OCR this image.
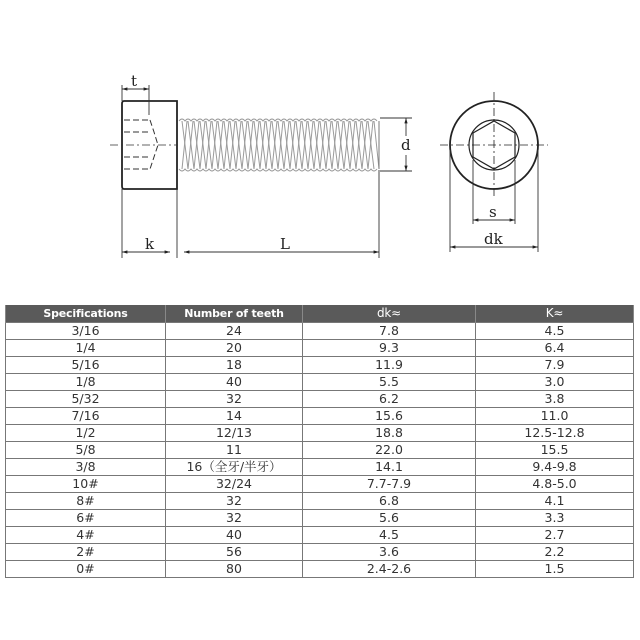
t
k	L
d
s
dk
Specifications	Number of teeth	dk≈	K≈
3/16	24	7.8	4.5
1/4	20	9.3	6.4
5/16	18	11.9	7.9
1/8	40	5.5	3.0
5/32	32	6.2	3.8
7/16	14	15.6	11.0
1/2	12/13	18.8	12.5-12.8
5/8	11	22.0	15.5
3/8	16（全牙/半牙）	14.1	9.4-9.8
10#	32/24	7.7-7.9	4.8-5.0
8#	32	6.8	4.1
6#	32	5.6	3.3
4#	40	4.5	2.7
2#	56	3.6	2.2
0#	80	2.4-2.6	1.5
